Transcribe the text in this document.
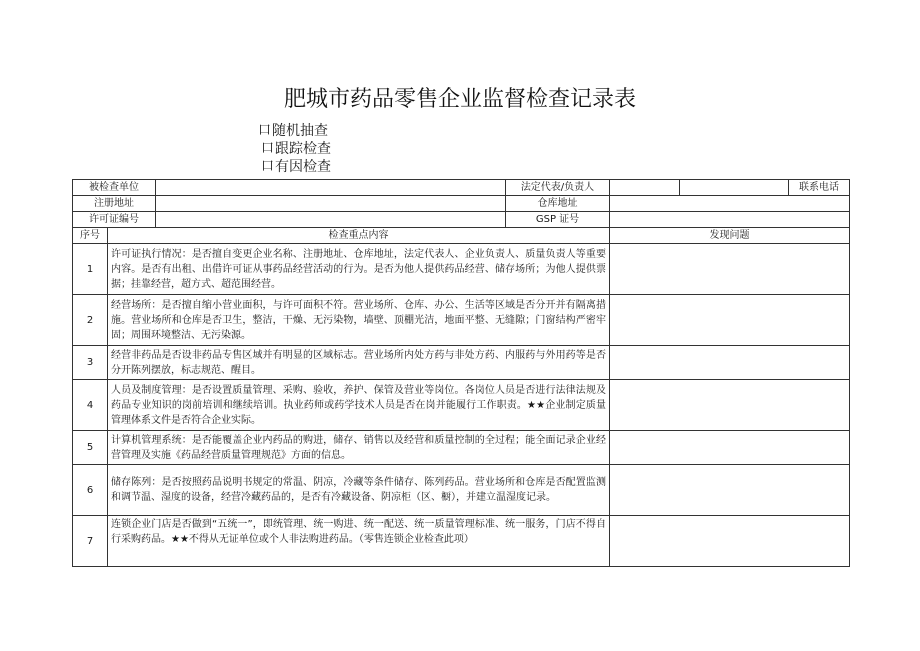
肥城市药品零售企业监督检查记录表
口 随机抽查
口 跟踪检查
口 有因检查
被检查单位			法定代表/负责人		联系电话

注册地址			仓库地址		
许可证编号			GSP 证号		
序号	检查重点内容			发现问题	
1	许可证执行情况：是否擅自变更企业名称、注册地址、仓库地址，法定代表人、企业负责人、质量负责人等重要内容。是否有出租、出借许可证从事药品经营活动的行为。是否为他人提供药品经营、储存场所；为他人提供票据；挂靠经营，超方式、超范围经营。				
2	经营场所：是否擅自缩小营业面积，与许可面积不符。营业场所、仓库、办公、生活等区域是否分开并有隔离措施。营业场所和仓库是否卫生，整洁，干燥、无污染物，墙壁、顶棚光洁，地面平整、无缝隙；门窗结构严密牢固；周围环境整洁、无污染源。				
3	经营非药品是否设非药品专售区域并有明显的区域标志。营业场所内处方药与非处方药、内服药与外用药等是否分开陈列摆放，标志规范、醒目。				
4	人员及制度管理：是否设置质量管理、采购、验收，养护、保管及营业等岗位。各岗位人员是否进行法律法规及药品专业知识的岗前培训和继续培训。执业药师或药学技术人员是否在岗并能履行工作职责。★★企业制定质量管理体系文件是否符合企业实际。				
5	计算机管理系统：是否能覆盖企业内药品的购进，储存、销售以及经营和质量控制的全过程；能全面记录企业经营管理及实施《药品经营质量管理规范》方面的信息。				
6	储存陈列：是否按照药品说明书规定的常温、阴凉，冷藏等条件储存、陈列药品。营业场所和仓库是否配置监测和调节温、湿度的设备，经营冷藏药品的，是否有冷藏设备、阴凉柜（区、橱），并建立温湿度记录。				
7	连锁企业门店是否做到“五统一”，即统管理、统一购进、统一配送、统一质量管理标准、统一服务，门店不得自行采购药品。★★不得从无证单位或个人非法购进药品。（零售连锁企业检查此项）				
